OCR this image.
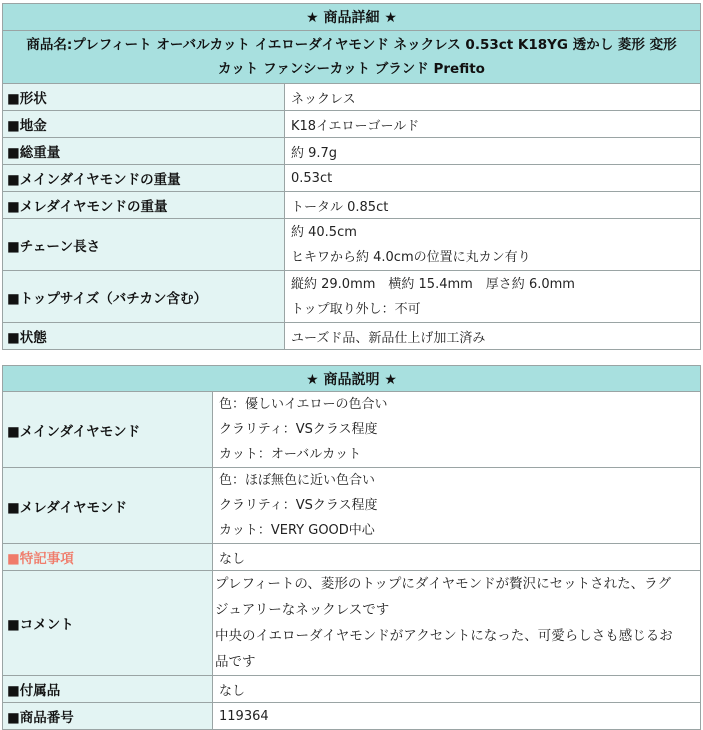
★ 商品詳細 ★	

商品名:プレフィート オーバルカット イエローダイヤモンド ネックレス 0.53ct K18YG 透かし 菱形 変形
カット ファンシーカット ブランド Prefito	

■形状	ネックレス
■地金	K18イエローゴールド
■総重量	約 9.7g
■メインダイヤモンドの重量	0.53ct
■メレダイヤモンドの重量	トータル 0.85ct
■チェーン長さ	約 40.5cm
ヒキワから約 4.0cmの位置に丸カン有り

■トップサイズ（バチカン含む）	縦約 29.0mm　横約 15.4mm　厚さ約 6.0mm
トップ取り外し：不可

■状態	ユーズド品、新品仕上げ加工済み
★ 商品説明 ★	
■メインダイヤモンド	色：優しいイエローの色合い
クラリティ：VSクラス程度
カット：オーバルカット

■メレダイヤモンド	色：ほぼ無色に近い色合い
クラリティ：VSクラス程度
カット：VERY GOOD中心

■特記事項	なし
■コメント	プレフィートの、菱形のトップにダイヤモンドが贅沢にセットされた、ラグ
ジュアリーなネックレスです
中央のイエローダイヤモンドがアクセントになった、可愛らしさも感じるお
品です

■付属品	なし
■商品番号	119364
